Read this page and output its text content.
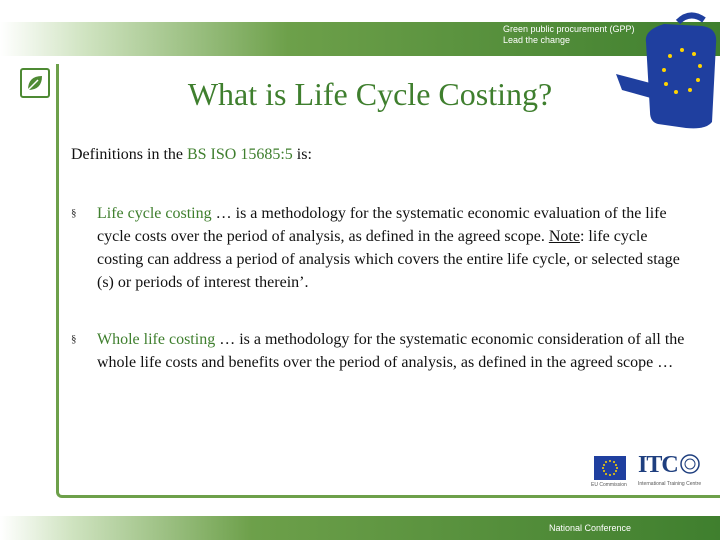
Green public procurement (GPP)
Lead the change
What is Life Cycle Costing?

Definitions in the BS ISO 15685:5 is:

§ Life cycle costing … is a methodology for the systematic economic evaluation of the life cycle costs over the period of analysis, as defined in the agreed scope. Note: life cycle costing can address a period of analysis which covers the entire life cycle, or selected stage (s) or periods of interest therein’.
§ Whole life costing … is a methodology for the systematic economic consideration of all the whole life costs and benefits over the period of analysis, as defined in the agreed scope …
EU Commission
ITC
International Training Centre
National Conference
